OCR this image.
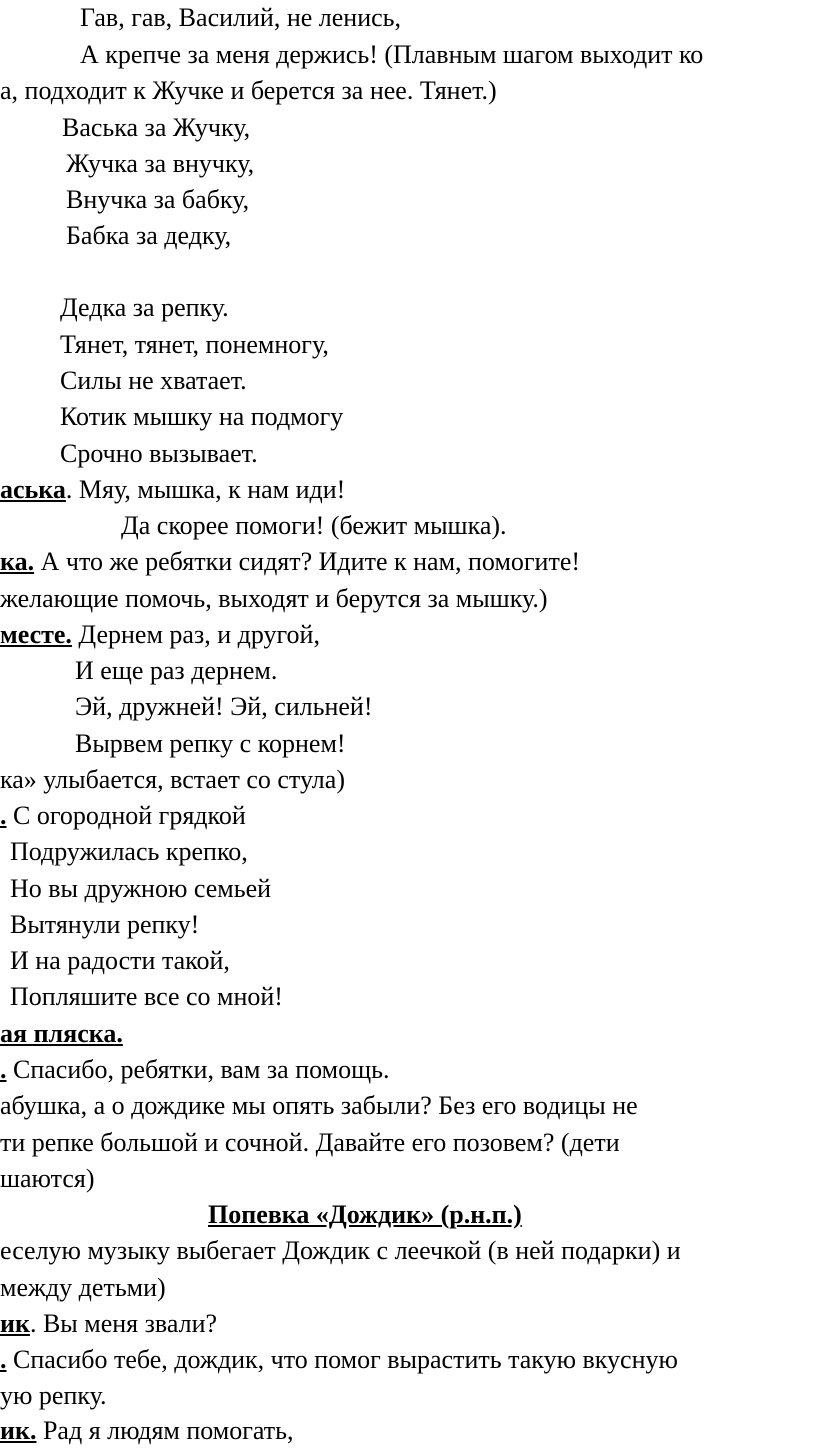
Гав, гав, Василий, не ленись,
А крепче за меня держись! (Плавным шагом выходит ко
а, подходит к Жучке и берется за нее. Тянет.)
Васька за Жучку,
Жучка за внучку,
Внучка за бабку,
Бабка за дедку,
Дедка за репку.
Тянет, тянет, понемногу,
Силы не хватает.
Котик мышку на подмогу
Срочно вызывает.
аська. Мяу, мышка, к нам иди!
Да скорее помоги! (бежит мышка).
ка. А что же ребятки сидят? Идите к нам, помогите!
желающие помочь, выходят и берутся за мышку.)
месте. Дернем раз, и другой,
И еще раз дернем.
Эй, дружней! Эй, сильней!
Вырвем репку с корнем!
ка» улыбается, встает со стула)
. С огородной грядкой
Подружилась крепко,
Но вы дружною семьей
Вытянули репку!
И на радости такой,
Попляшите все со мной!
ая пляска.
. Спасибо, ребятки, вам за помощь.
абушка, а о дождике мы опять забыли? Без его водицы не
ти репке большой и сочной. Давайте его позовем? (дети
шаются)
Попевка «Дождик» (р.н.п.)
еселую музыку выбегает Дождик с леечкой (в ней подарки) и
между детьми)
ик. Вы меня звали?
. Спасибо тебе, дождик, что помог вырастить такую вкусную
ую репку.
ик. Рад я людям помогать,
